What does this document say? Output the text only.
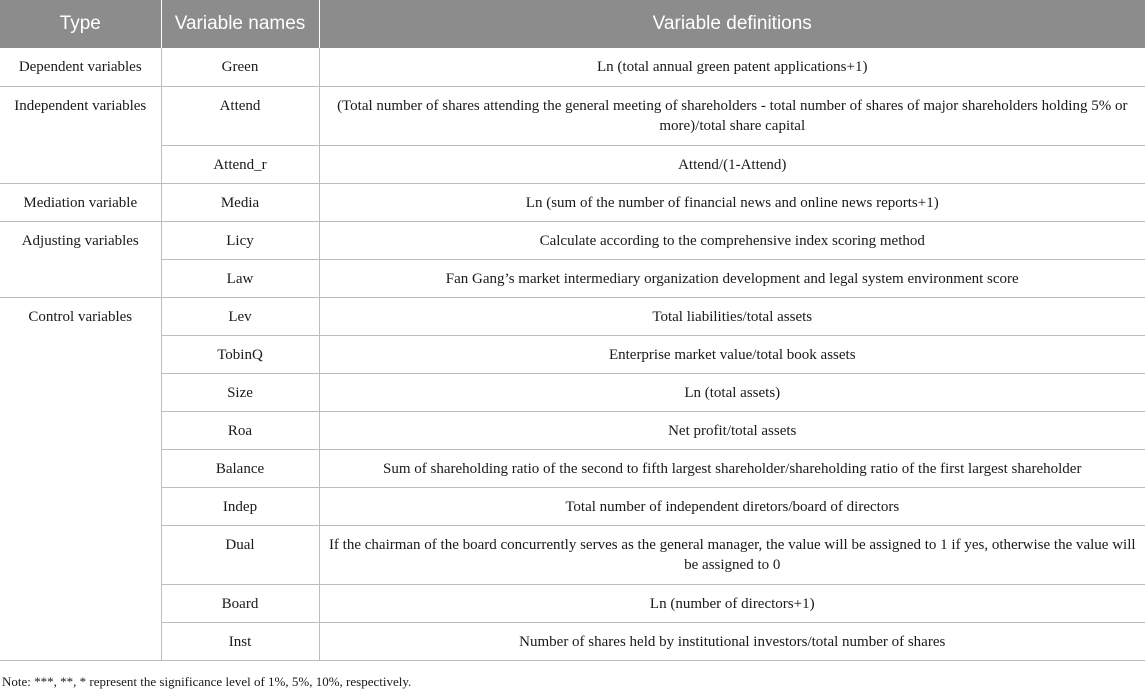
Type	Variable names	Variable definitions
Dependent variables	Green	Ln (total annual green patent applications+1)
Independent variables	Attend	(Total number of shares attending the general meeting of shareholders - total number of shares of major shareholders holding 5% or more)/total share capital
	Attend_r	Attend/(1-Attend)
Mediation variable	Media	Ln (sum of the number of financial news and online news reports+1)
Adjusting variables	Licy	Calculate according to the comprehensive index scoring method
	Law	Fan Gang’s market intermediary organization development and legal system environment score
Control variables	Lev	Total liabilities/total assets
	TobinQ	Enterprise market value/total book assets
	Size	Ln (total assets)
	Roa	Net profit/total assets
	Balance	Sum of shareholding ratio of the second to fifth largest shareholder/shareholding ratio of the first largest shareholder
	Indep	Total number of independent diretors/board of directors
	Dual	If the chairman of the board concurrently serves as the general manager, the value will be assigned to 1 if yes, otherwise the value will be assigned to 0
	Board	Ln (number of directors+1)
	Inst	Number of shares held by institutional investors/total number of shares
Note: ***, **, * represent the significance level of 1%, 5%, 10%, respectively.
